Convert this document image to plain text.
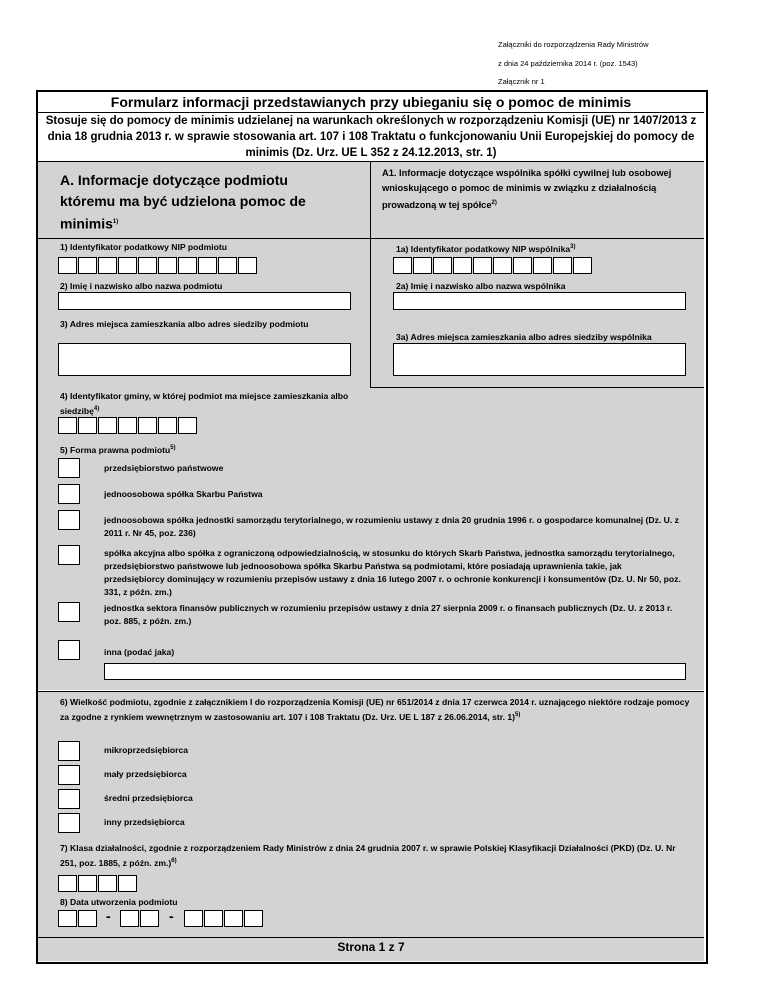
Załączniki do rozporządzenia Rady Ministrów
z dnia 24 października 2014 r. (poz. 1543)
Załącznik nr 1
Formularz informacji przedstawianych przy ubieganiu się o pomoc de minimis
Stosuje się do pomocy de minimis udzielanej na warunkach określonych w rozporządzeniu Komisji (UE) nr 1407/2013 z dnia 18 grudnia 2013 r. w sprawie stosowania art. 107 i 108 Traktatu o funkcjonowaniu Unii Europejskiej do pomocy de minimis (Dz. Urz. UE L 352 z 24.12.2013, str. 1)
A. Informacje dotyczące podmiotu któremu ma być udzielona pomoc de minimis$^{1)}$
A1. Informacje dotyczące wspólnika spółki cywilnej lub osobowej wnioskującego o pomoc de minimis w związku z działalnością prowadzoną w tej spółce$^{2)}$
1) Identyfikator podatkowy NIP podmiotu	1a) Identyfikator podatkowy NIP wspólnika$^{3)}$
2) Imię i nazwisko albo nazwa podmiotu	2a) Imię i nazwisko albo nazwa wspólnika
3) Adres miejsca zamieszkania albo adres siedziby podmiotu
3a) Adres miejsca zamieszkania albo adres siedziby wspólnika
4) Identyfikator gminy, w której podmiot ma miejsce zamieszkania albo siedzibę$^{4)}$
5) Forma prawna podmiotu$^{5)}$
przedsiębiorstwo państwowe
jednoosobowa spółka Skarbu Państwa
jednoosobowa spółka jednostki samorządu terytorialnego, w rozumieniu ustawy z dnia 20 grudnia 1996 r. o gospodarce komunalnej (Dz. U. z 2011 r. Nr 45, poz. 236)
spółka akcyjna albo spółka z ograniczoną odpowiedzialnością, w stosunku do których Skarb Państwa, jednostka samorządu terytorialnego, przedsiębiorstwo państwowe lub jednoosobowa spółka Skarbu Państwa są podmiotami, które posiadają uprawnienia takie, jak przedsiębiorcy dominujący w rozumieniu przepisów ustawy z dnia 16 lutego 2007 r. o ochronie konkurencji i konsumentów (Dz. U. Nr 50, poz. 331, z późn. zm.)
jednostka sektora finansów publicznych w rozumieniu przepisów ustawy z dnia 27 sierpnia 2009 r. o finansach publicznych (Dz. U. z 2013 r. poz. 885, z późn. zm.)
inna (podać jaka)
6) Wielkość podmiotu, zgodnie z załącznikiem I do rozporządzenia Komisji (UE) nr 651/2014 z dnia 17 czerwca 2014 r. uznającego niektóre rodzaje pomocy za zgodne z rynkiem wewnętrznym w zastosowaniu art. 107 i 108 Traktatu (Dz. Urz. UE L 187 z 26.06.2014, str. 1)$^{5)}$
mikroprzedsiębiorca
mały przedsiębiorca
średni przedsiębiorca
inny przedsiębiorca
7) Klasa działalności, zgodnie z rozporządzeniem Rady Ministrów z dnia 24 grudnia 2007 r. w sprawie Polskiej Klasyfikacji Działalności (PKD) (Dz. U. Nr 251, poz. 1885, z późn. zm.)$^{6)}$
8) Data utworzenia podmiotu
-	-
Strona 1 z 7
